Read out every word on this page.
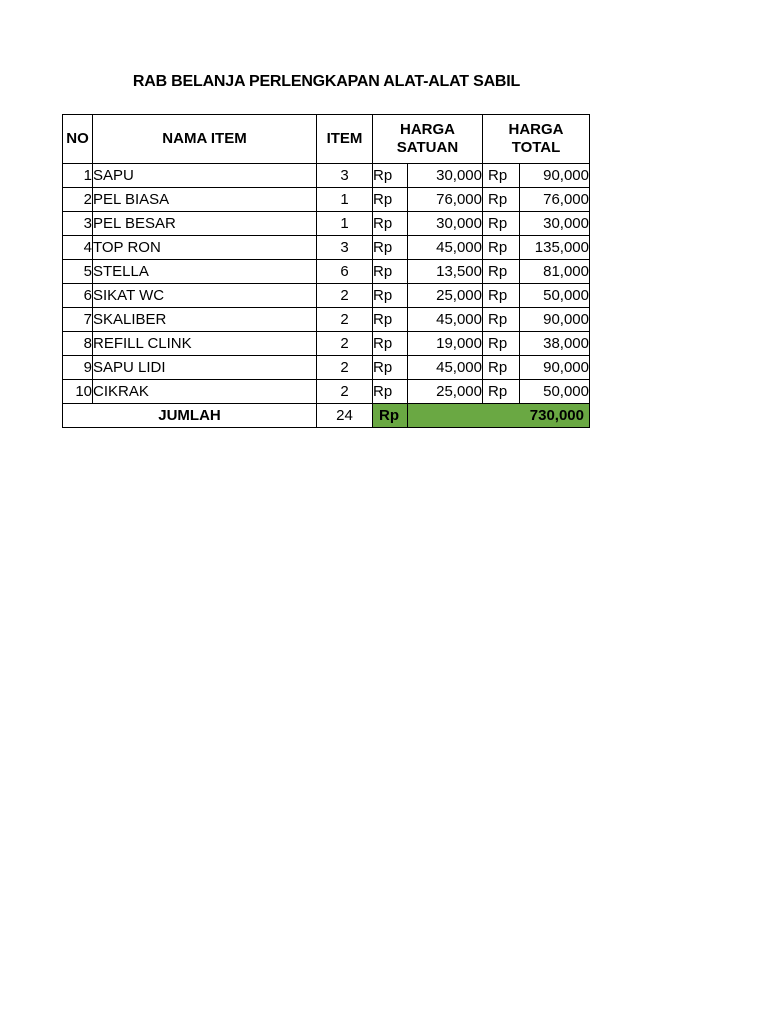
RAB BELANJA PERLENGKAPAN ALAT-ALAT SABIL
NO	NAMA ITEM	ITEM	HARGA SATUAN		HARGA TOTAL	
1	SAPU	3	Rp	30,000	Rp	90,000
2	PEL BIASA	1	Rp	76,000	Rp	76,000
3	PEL BESAR	1	Rp	30,000	Rp	30,000
4	TOP RON	3	Rp	45,000	Rp	135,000
5	STELLA	6	Rp	13,500	Rp	81,000
6	SIKAT WC	2	Rp	25,000	Rp	50,000
7	SKALIBER	2	Rp	45,000	Rp	90,000
8	REFILL CLINK	2	Rp	19,000	Rp	38,000
9	SAPU LIDI	2	Rp	45,000	Rp	90,000
10	CIKRAK	2	Rp	25,000	Rp	50,000
JUMLAH		24	Rp		730,000	
